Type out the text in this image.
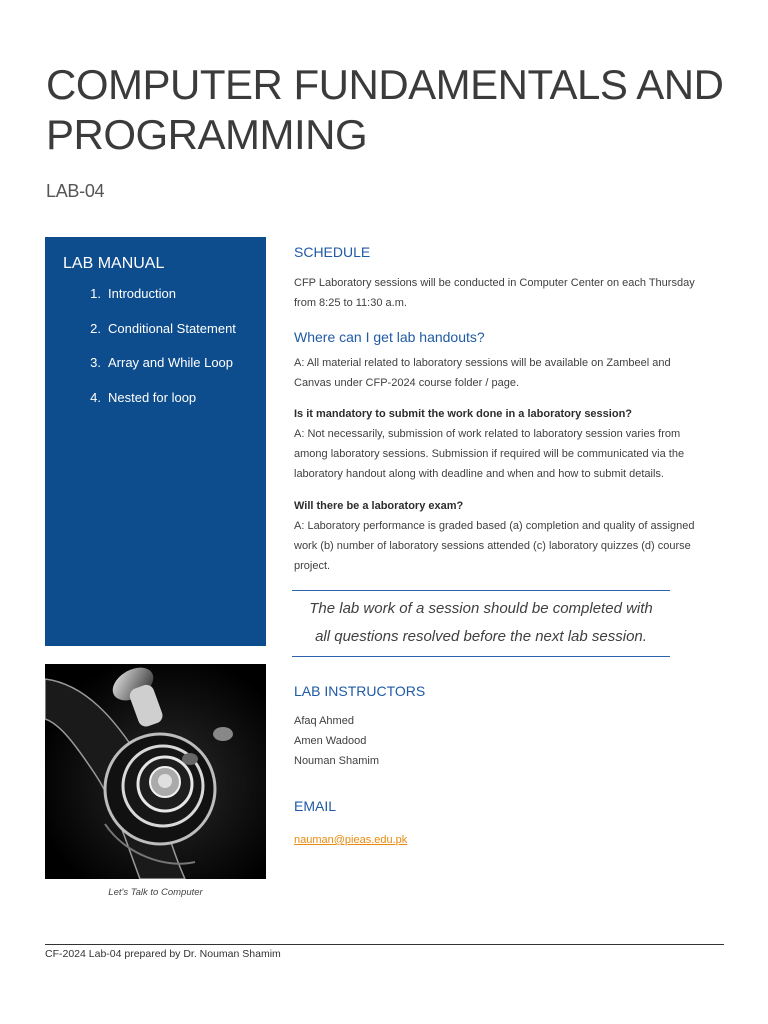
COMPUTER FUNDAMENTALS AND
PROGRAMMING
LAB-04
LAB MANUAL
1. Introduction
2. Conditional Statement
3. Array and While Loop
4. Nested for loop
Let's Talk to Computer
SCHEDULE
CFP Laboratory sessions will be conducted in Computer Center on each Thursday
from 8:25 to 11:30 a.m.
Where can I get lab handouts?
A: All material related to laboratory sessions will be available on Zambeel and
Canvas under CFP-2024 course folder / page.
Is it mandatory to submit the work done in a laboratory session?
A: Not necessarily, submission of work related to laboratory session varies from
among laboratory sessions. Submission if required will be communicated via the
laboratory handout along with deadline and when and how to submit details.
Will there be a laboratory exam?
A: Laboratory performance is graded based (a) completion and quality of assigned
work (b) number of laboratory sessions attended (c) laboratory quizzes (d) course
project.
The lab work of a session should be completed with
all questions resolved before the next lab session.
LAB INSTRUCTORS
Afaq Ahmed
Amen Wadood
Nouman Shamim
EMAIL
nauman@pieas.edu.pk
CF-2024 Lab-04 prepared by Dr. Nouman Shamim
